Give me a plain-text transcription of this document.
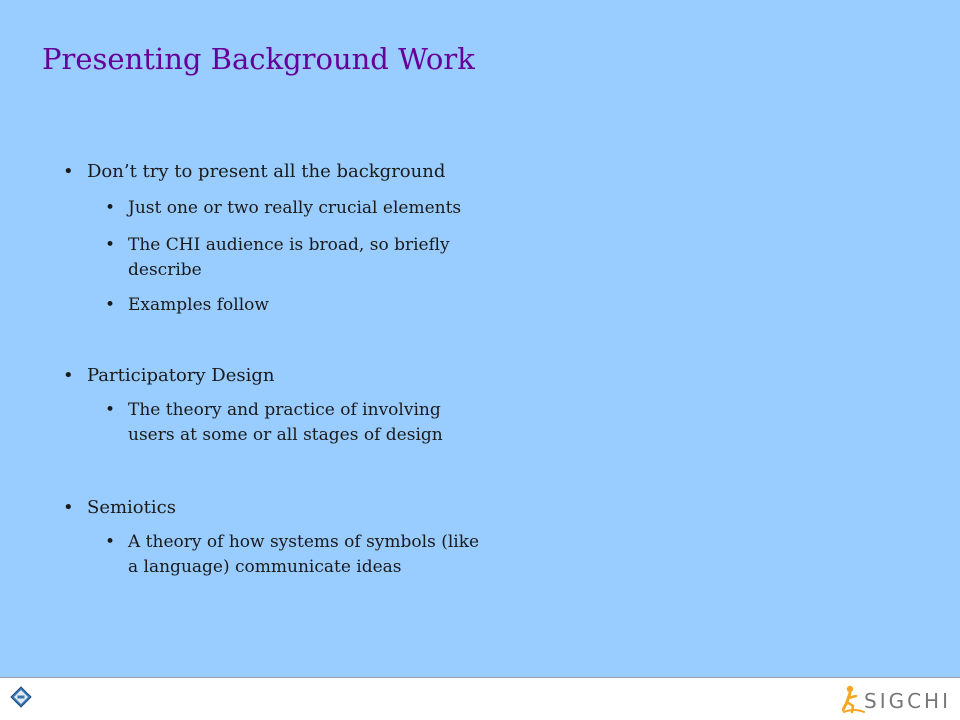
Presenting Background Work
• Don’t try to present all the background
• Just one or two really crucial elements
• The CHI audience is broad, so briefly
describe
• Examples follow
• Participatory Design
• The theory and practice of involving
users at some or all stages of design
• Semiotics
• A theory of how systems of symbols (like
a language) communicate ideas
SIGCHI
